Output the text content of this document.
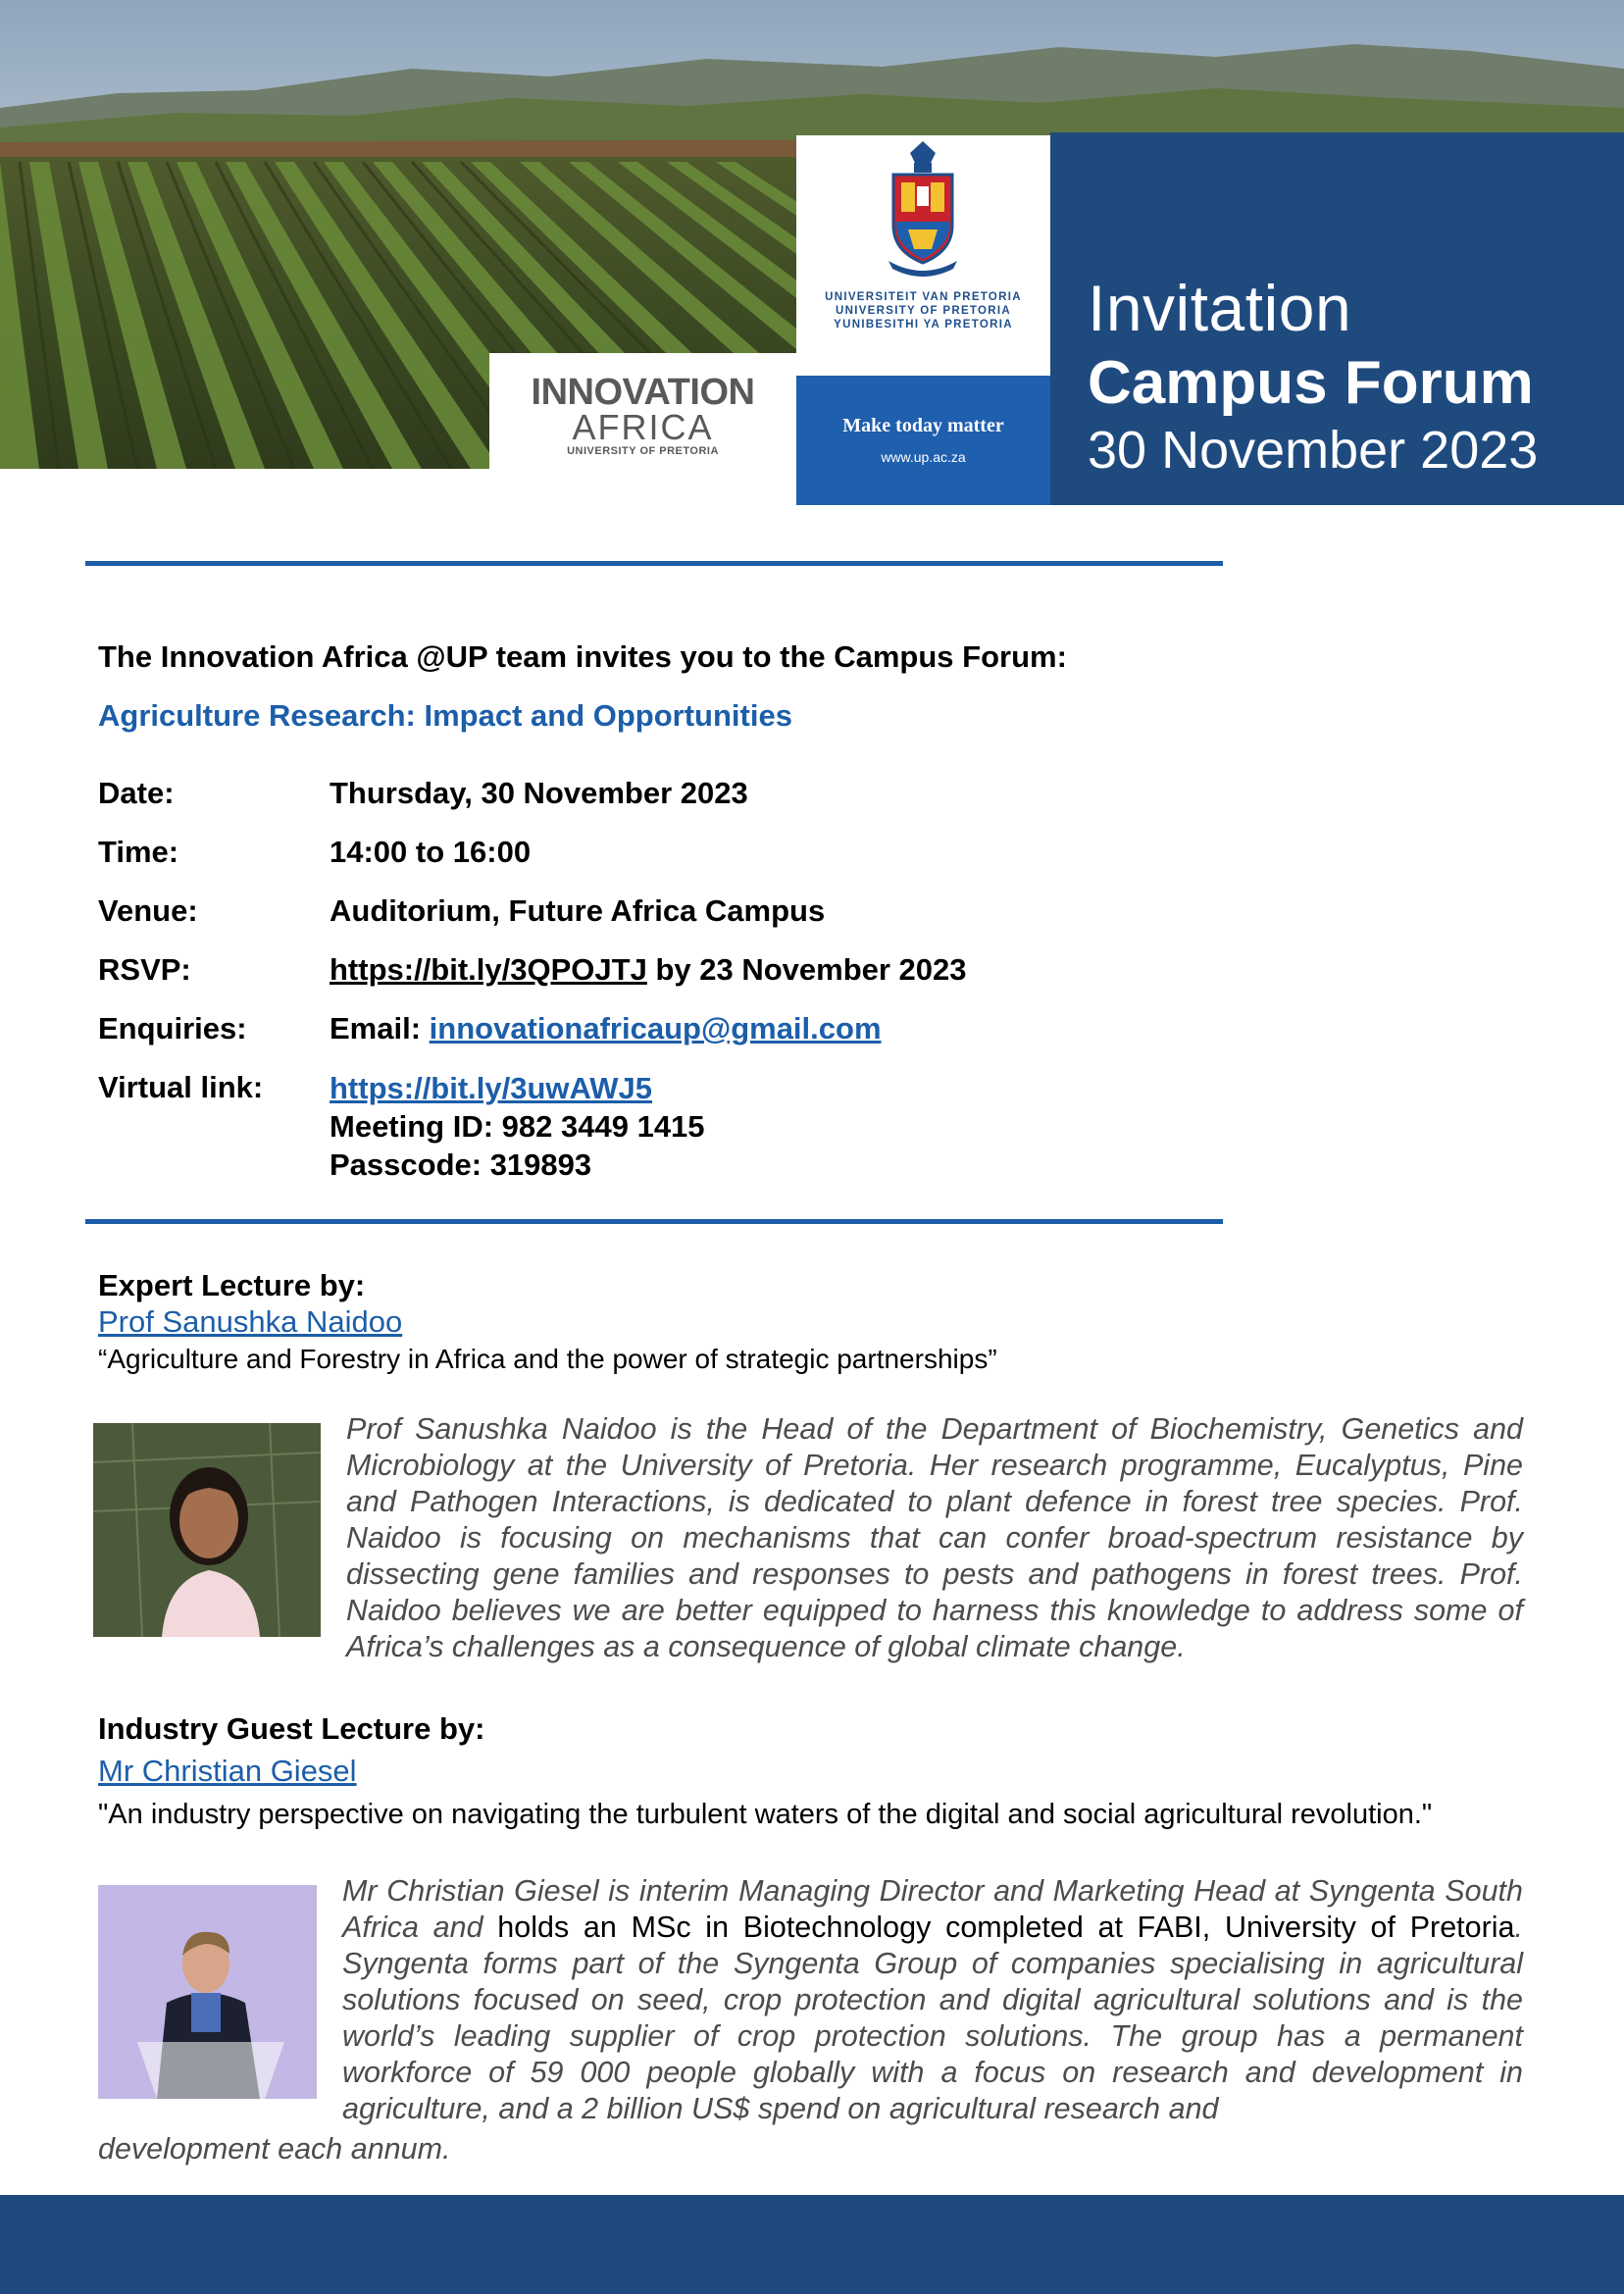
INNOVATION
AFRICA
UNIVERSITY OF PRETORIA
UNIVERSITEIT VAN PRETORIA
UNIVERSITY OF PRETORIA
YUNIBESITHI YA PRETORIA
Make today matter
www.up.ac.za
Invitation
Campus Forum
30 November 2023
The Innovation Africa @UP team invites you to the Campus Forum:
Agriculture Research: Impact and Opportunities
Date:	Thursday, 30 November 2023
Time:	14:00 to 16:00
Venue:	Auditorium, Future Africa Campus
RSVP:	https://bit.ly/3QPOJTJ by 23 November 2023
Enquiries:	Email: innovationafricaup@gmail.com
Virtual link:	https://bit.ly/3uwAWJ5
Meeting ID: 982 3449 1415
Passcode: 319893
Expert Lecture by:
Prof Sanushka Naidoo
“Agriculture and Forestry in Africa and the power of strategic partnerships”
Prof Sanushka Naidoo is the Head of the Department of Biochemistry, Genetics and Microbiology at the University of Pretoria. Her research programme, Eucalyptus, Pine and Pathogen Interactions, is dedicated to plant defence in forest tree species. Prof. Naidoo is focusing on mechanisms that can confer broad-spectrum resistance by dissecting gene families and responses to pests and pathogens in forest trees. Prof. Naidoo believes we are better equipped to harness this knowledge to address some of Africa’s challenges as a consequence of global climate change.
Industry Guest Lecture by:
Mr Christian Giesel
"An industry perspective on navigating the turbulent waters of the digital and social agricultural revolution."
Mr Christian Giesel is interim Managing Director and Marketing Head at Syngenta South Africa and holds an MSc in Biotechnology completed at FABI, University of Pretoria. Syngenta forms part of the Syngenta Group of companies specialising in agricultural solutions focused on seed, crop protection and digital agricultural solutions and is the world’s leading supplier of crop protection solutions. The group has a permanent workforce of 59 000 people globally with a focus on research and development in agriculture, and a 2 billion US$ spend on agricultural research and
development each annum.
